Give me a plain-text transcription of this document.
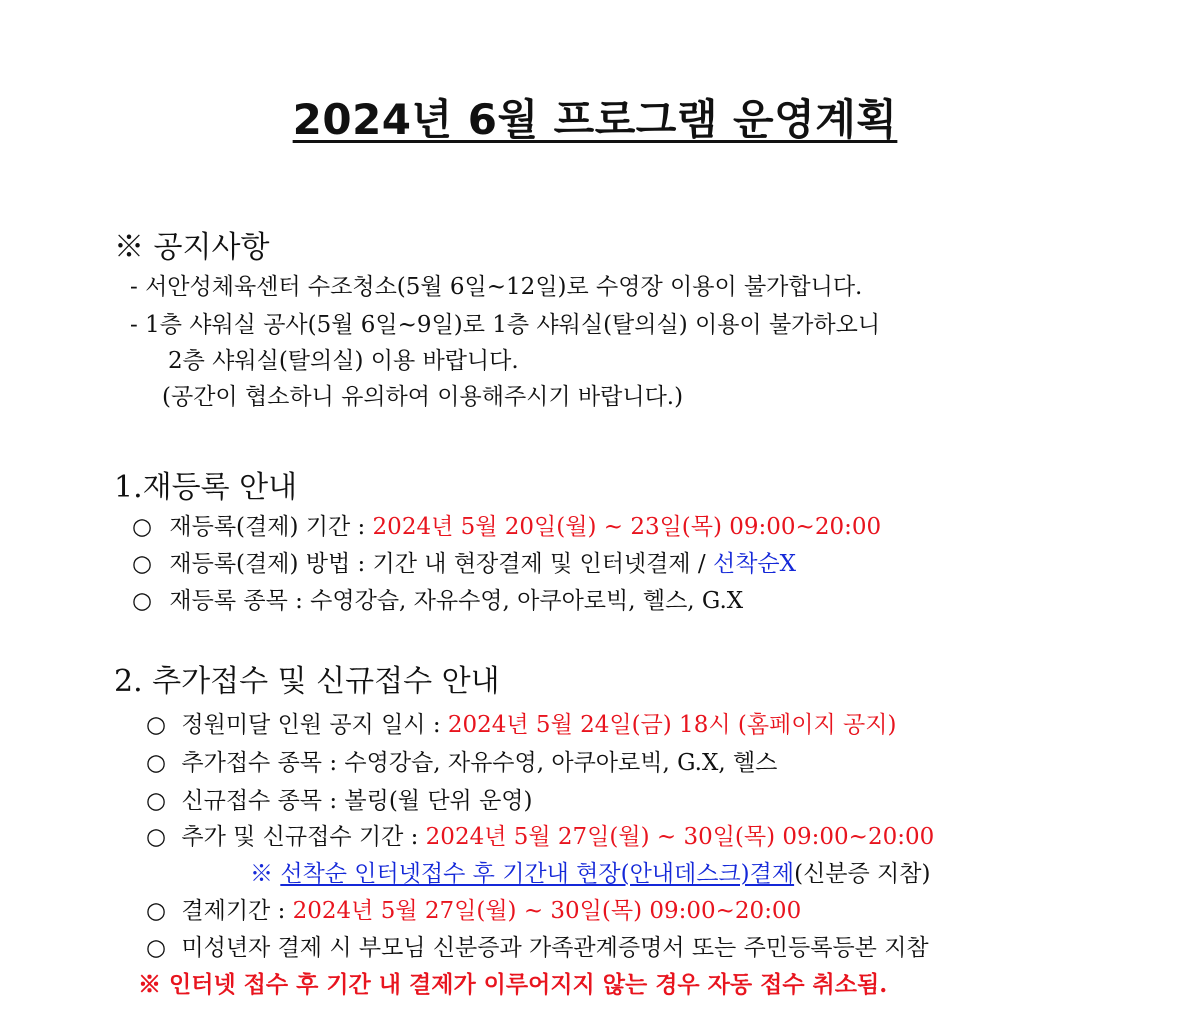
2024년 6월 프로그램 운영계획
※ 공지사항
- 서안성체육센터 수조청소(5월 6일~12일)로 수영장 이용이 불가합니다.
- 1층 샤워실 공사(5월 6일~9일)로 1층 샤워실(탈의실) 이용이 불가하오니
2층 샤워실(탈의실) 이용 바랍니다.
(공간이 협소하니 유의하여 이용해주시기 바랍니다.)
1.재등록 안내
○ 재등록(결제) 기간 : 2024년 5월 20일(월) ~ 23일(목) 09:00~20:00
○ 재등록(결제) 방법 : 기간 내 현장결제 및 인터넷결제 / 선착순X
○ 재등록 종목 : 수영강습, 자유수영, 아쿠아로빅, 헬스, G.X
2. 추가접수 및 신규접수 안내
○ 정원미달 인원 공지 일시 : 2024년 5월 24일(금) 18시 (홈페이지 공지)
○ 추가접수 종목 : 수영강습, 자유수영, 아쿠아로빅, G.X, 헬스
○ 신규접수 종목 : 볼링(월 단위 운영)
○ 추가 및 신규접수 기간 : 2024년 5월 27일(월) ~ 30일(목) 09:00~20:00
※ 선착순 인터넷접수 후 기간내 현장(안내데스크)결제(신분증 지참)
○ 결제기간 : 2024년 5월 27일(월) ~ 30일(목) 09:00~20:00
○ 미성년자 결제 시 부모님 신분증과 가족관계증명서 또는 주민등록등본 지참
※ 인터넷 접수 후 기간 내 결제가 이루어지지 않는 경우 자동 접수 취소됨.
